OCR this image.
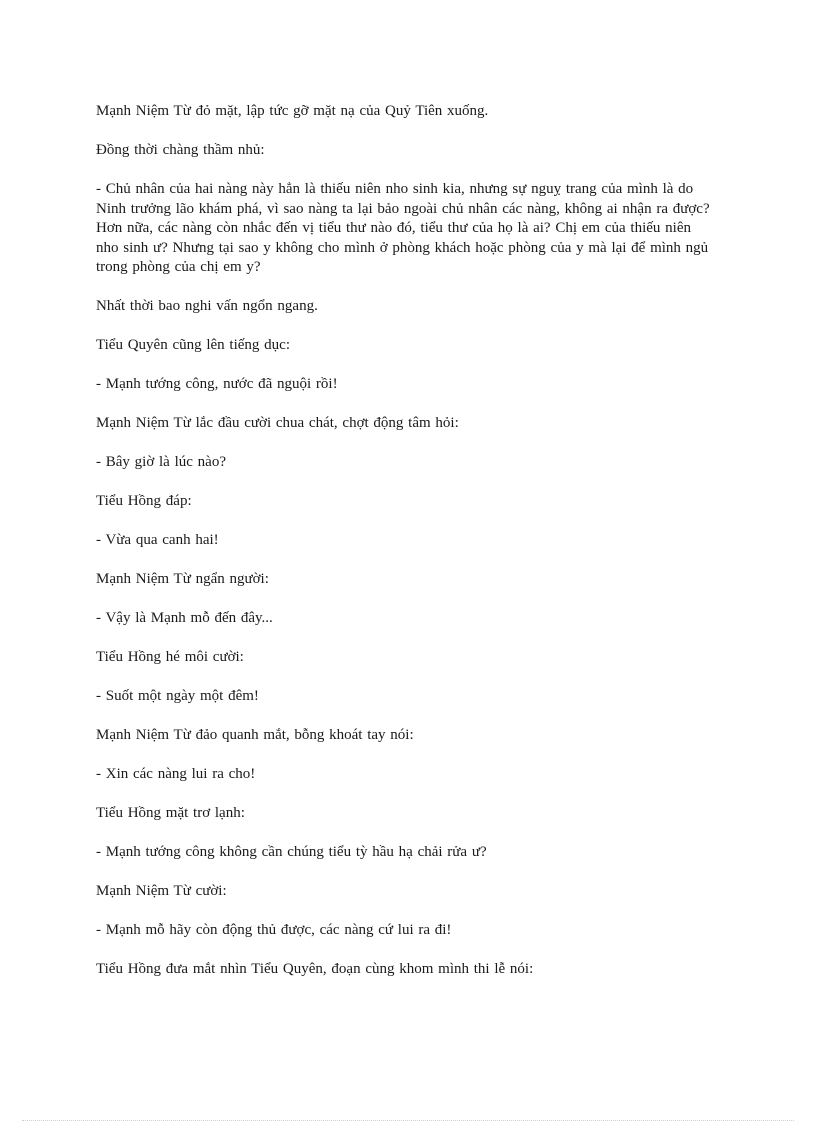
Mạnh Niệm Từ đỏ mặt, lập tức gỡ mặt nạ của Quỷ Tiên xuống.

Đồng thời chàng thầm nhủ:

- Chủ nhân của hai nàng này hẳn là thiếu niên nho sinh kia, nhưng sự nguỵ trang của mình là do Ninh trưởng lão khám phá, vì sao nàng ta lại bảo ngoài chủ nhân các nàng, không ai nhận ra được? Hơn nữa, các nàng còn nhắc đến vị tiểu thư nào đó, tiểu thư của họ là ai? Chị em của thiếu niên nho sinh ư? Nhưng tại sao y không cho mình ở phòng khách hoặc phòng của y mà lại để mình ngủ trong phòng của chị em y?

Nhất thời bao nghi vấn ngổn ngang.

Tiểu Quyên cũng lên tiếng dục:

- Mạnh tướng công, nước đã nguội rồi!

Mạnh Niệm Từ lắc đầu cười chua chát, chợt động tâm hỏi:

- Bây giờ là lúc nào?

Tiểu Hồng đáp:

- Vừa qua canh hai!

Mạnh Niệm Từ ngẩn người:

- Vậy là Mạnh mỗ đến đây...

Tiểu Hồng hé môi cười:

- Suốt một ngày một đêm!

Mạnh Niệm Từ đảo quanh mắt, bỗng khoát tay nói:

- Xin các nàng lui ra cho!

Tiểu Hồng mặt trơ lạnh:

- Mạnh tướng công không cần chúng tiểu tỳ hầu hạ chải rửa ư?

Mạnh Niệm Từ cười:

- Mạnh mỗ hãy còn động thủ được, các nàng cứ lui ra đi!

Tiểu Hồng đưa mắt nhìn Tiểu Quyên, đoạn cùng khom mình thi lễ nói:
